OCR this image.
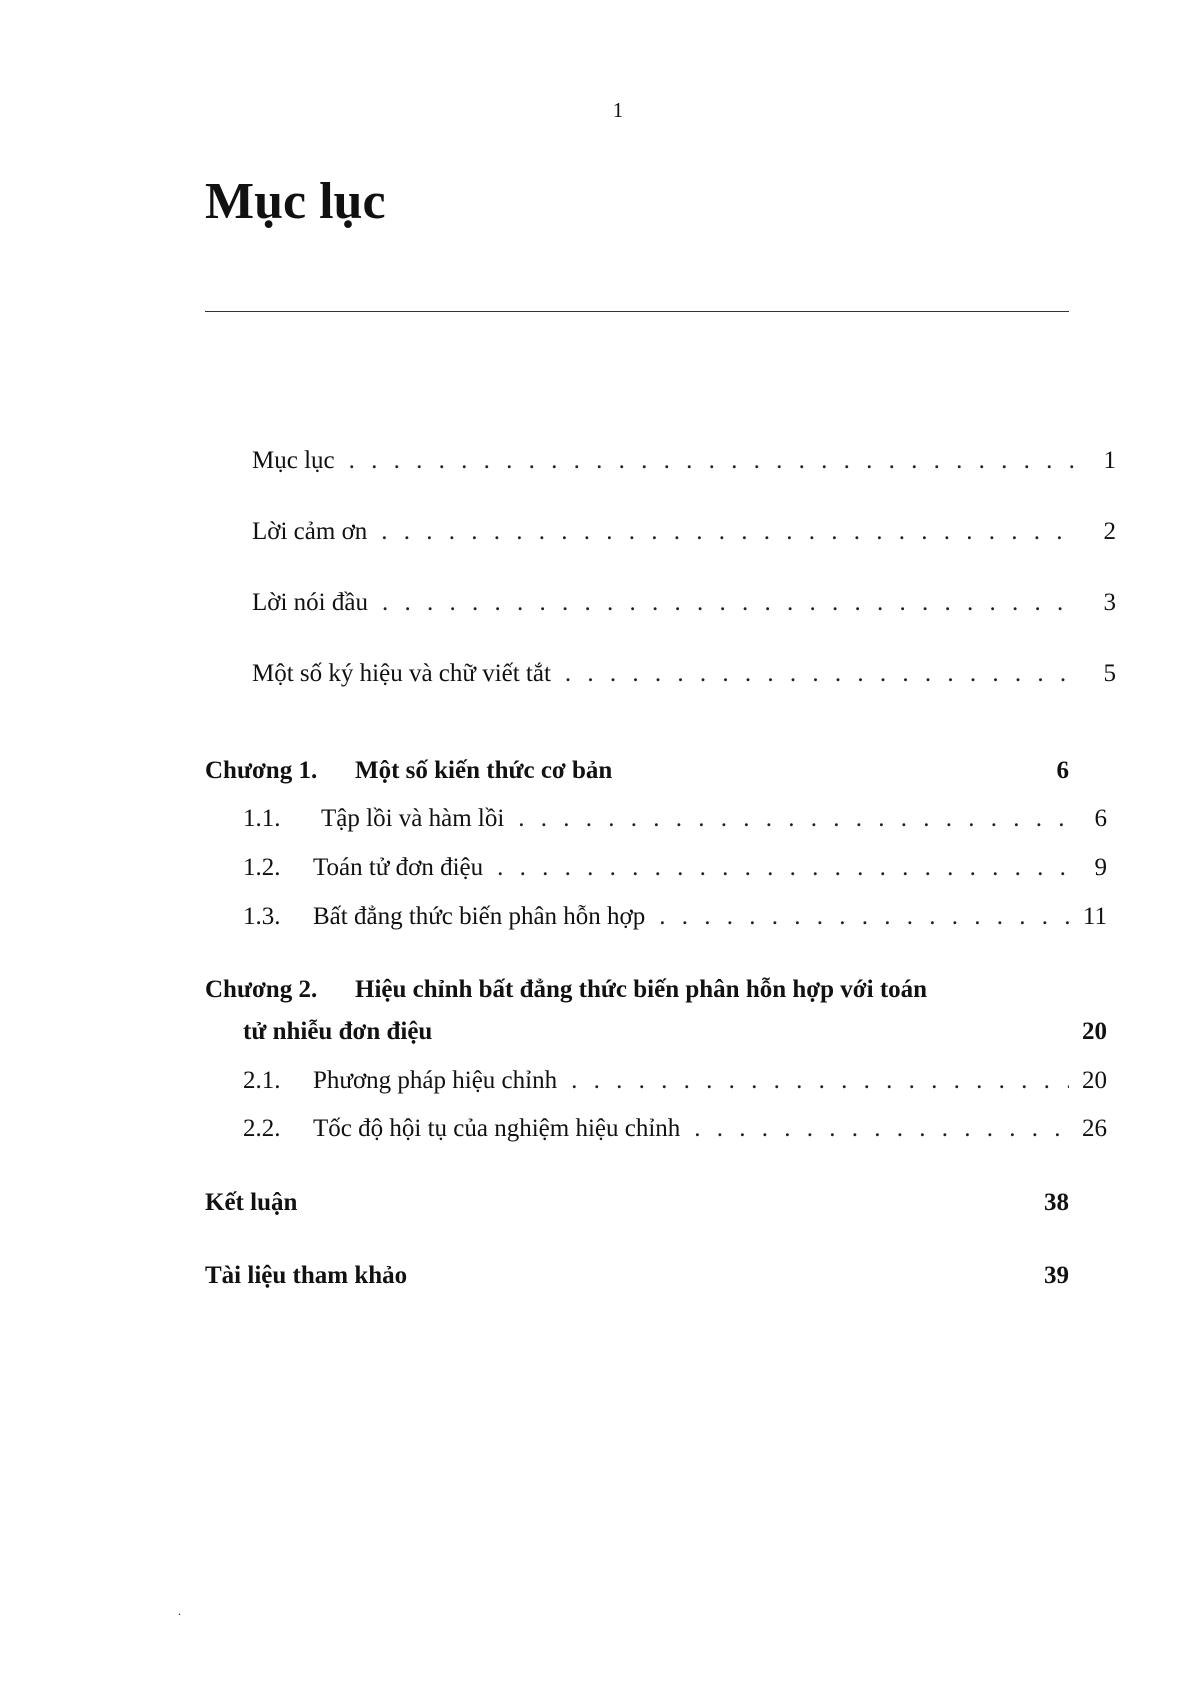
1
Mục lục
Mục lục . . .	1
Lời cảm ơn . . .	2
Lời nói đầu . . .	3
Một số ký hiệu và chữ viết tắt . . .	5
Chương 1. Một số kiến thức cơ bản	6
1.1. Tập lồi và hàm lồi . . .	6
1.2. Toán tử đơn điệu . . .	9
1.3. Bất đẳng thức biến phân hỗn hợp . . .	11
Chương 2. Hiệu chỉnh bất đẳng thức biến phân hỗn hợp với toán
tử nhiễu đơn điệu	20
2.1. Phương pháp hiệu chỉnh . . .	20
2.2. Tốc độ hội tụ của nghiệm hiệu chỉnh . . .	26
Kết luận	38
Tài liệu tham khảo	39
.
